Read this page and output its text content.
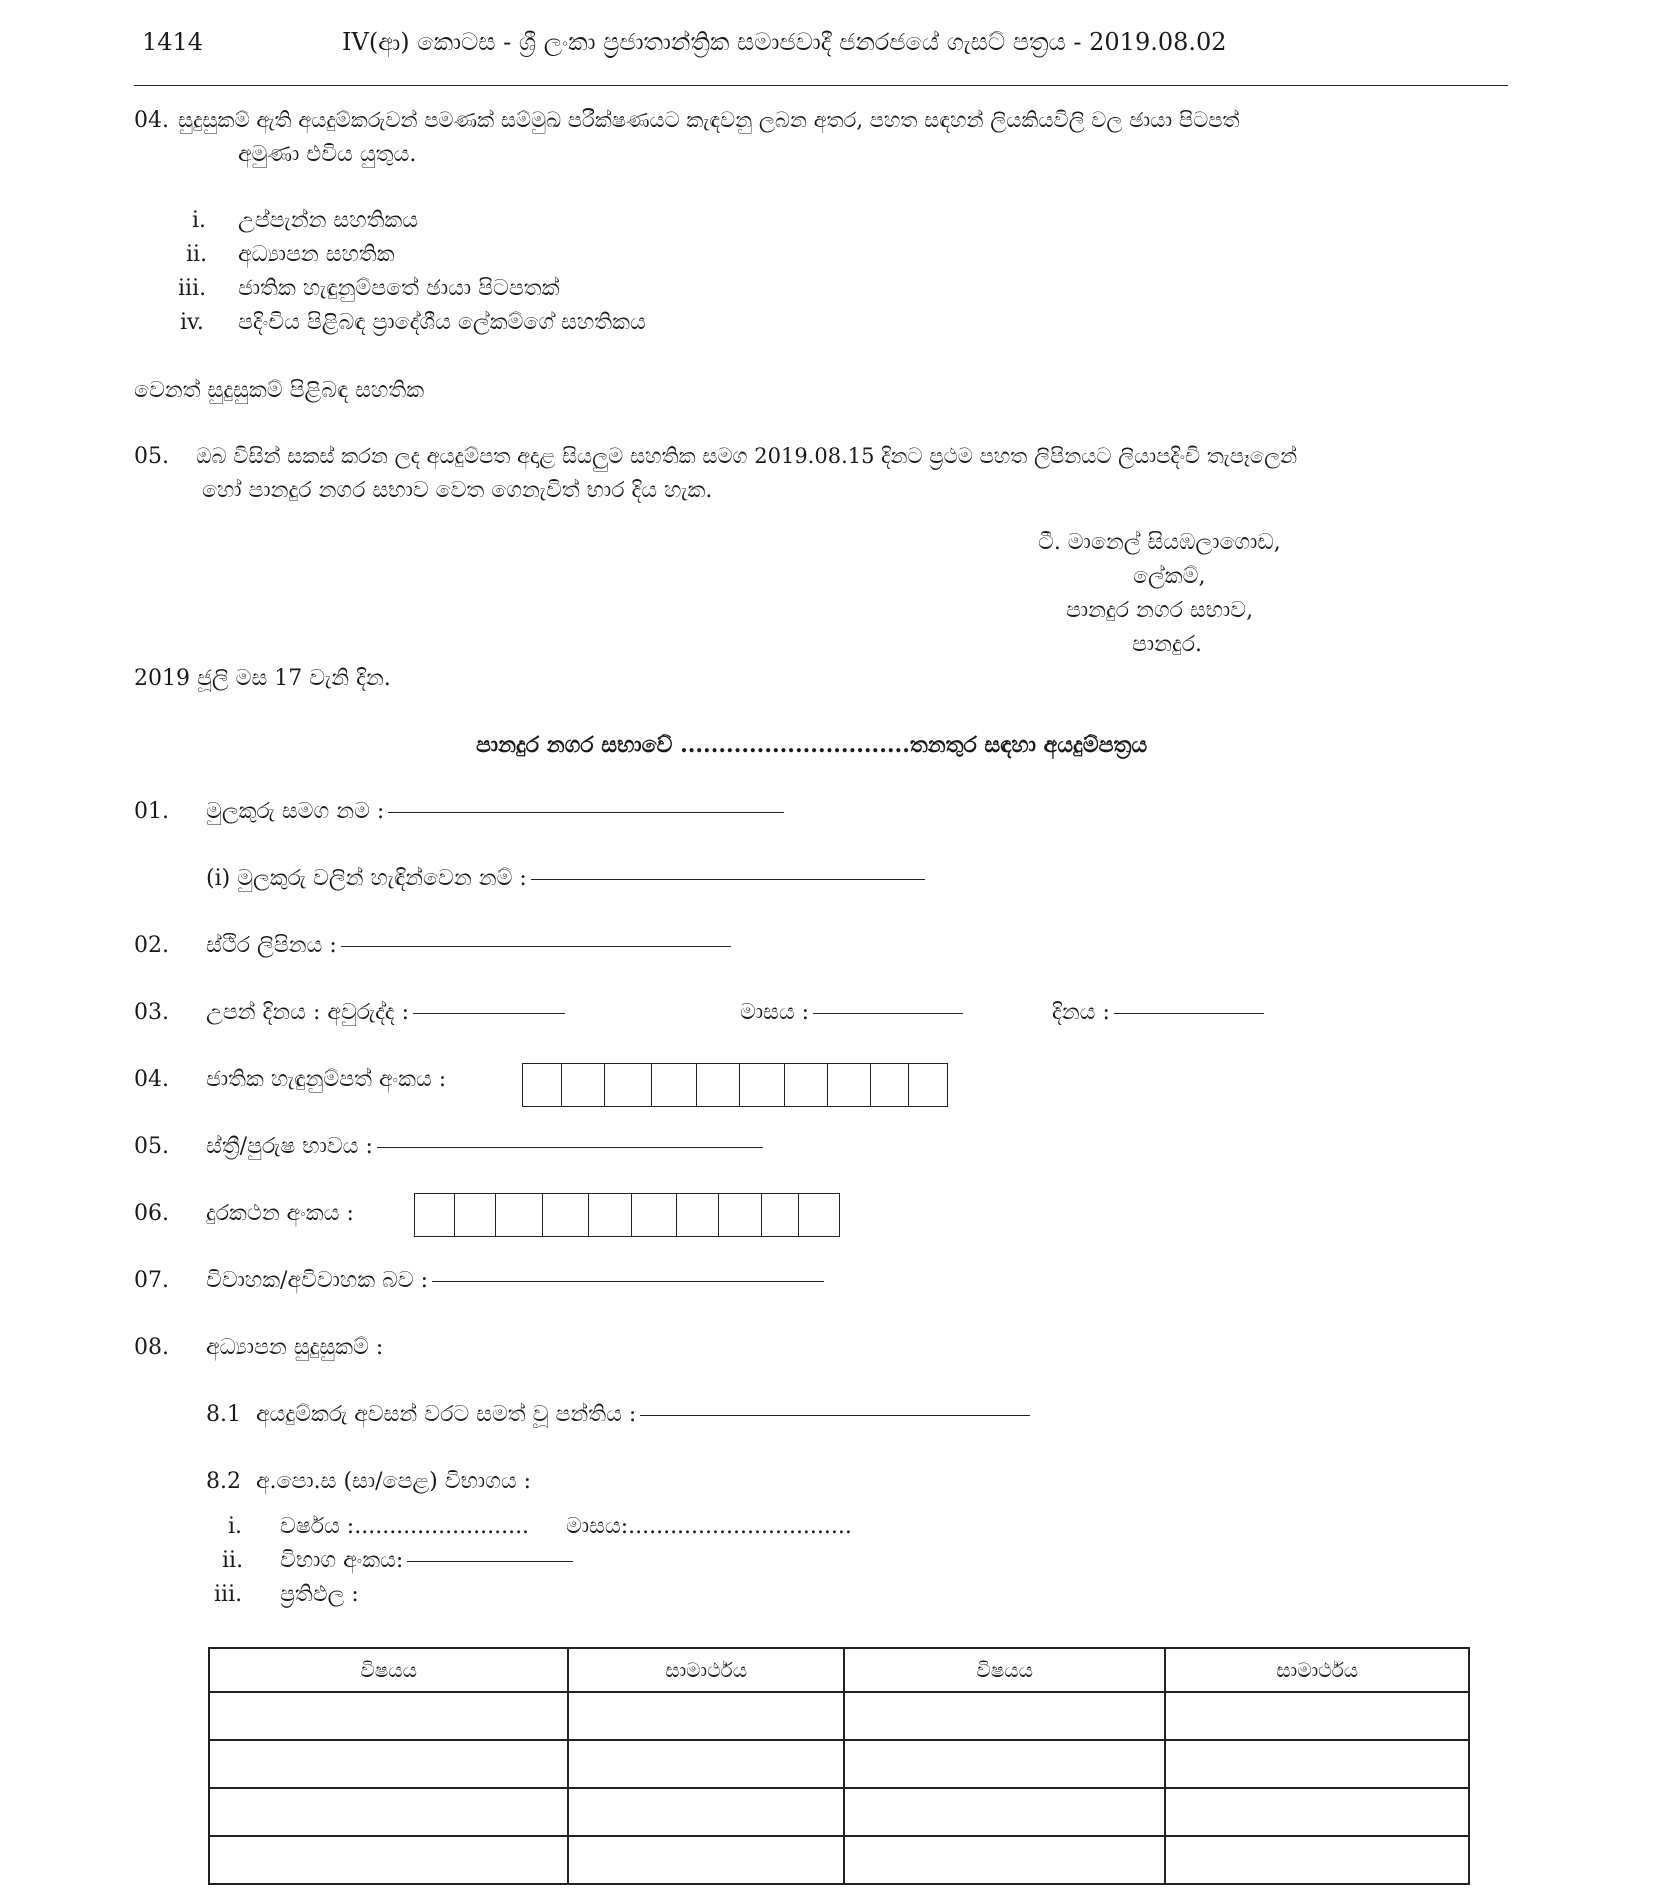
1414	IV(ආ) කොටස - ශ්‍රී ලංකා ප්‍රජාතාන්ත්‍රික සමාජවාදී ජනරජයේ ගැසට් පත්‍රය - 2019.08.02
04. සුදුසුකම් ඇති අයදුම්කරුවන් පමණක් සම්මුඛ පරීක්ෂණයට කැඳවනු ලබන අතර, පහත සඳහන් ලියකියවිලි වල ඡායා පිටපත්
අමුණා එවිය යුතුය.
i. උප්පැන්න සහතිකය
ii. අධ්‍යාපන සහතික
iii. ජාතික හැඳුනුම්පතේ ඡායා පිටපතක්
iv. පදිංචිය පිළිබඳ ප්‍රාදේශීය ලේකම්ගේ සහතිකය
වෙනත් සුදුසුකම් පිළිබඳ සහතික
05. ඔබ විසින් සකස් කරන ලද අයදුම්පත අදාළ සියලුම සහතික සමග 2019.08.15 දිනට ප්‍රථම පහත ලිපිනයට ලියාපදිංචි තැපෑලෙන්
හෝ පානදුර නගර සභාව වෙත ගෙනැවිත් භාර දිය හැක.
ටී. මානෙල් සියඹලාගොඩ,
ලේකම්,
පානදුර නගර සභාව,
පානදුර.
2019 ජූලි මස 17 වැනි දින.
පානදුර නගර සභාවේ ..............................තනතුර සඳහා අයදුම්පත්‍රය
01. මුලකුරු සමග නම :
(i) මුලකුරු වලින් හැඳින්වෙන නම් :
02. ස්ථිර ලිපිනය :
03. උපන් දිනය : අවුරුද්ද :	මාසය :	දිනය :
04. ජාතික හැඳුනුම්පත් අංකය :
05. ස්ත්‍රී/පුරුෂ භාවය :
06. දුරකථන අංකය :
07. විවාහක/අවිවාහක බව :
08. අධ්‍යාපන සුදුසුකම් :
8.1 අයදුම්කරු අවසන් වරට සමත් වූ පන්තිය :
8.2 අ.පො.ස (සා/පෙළ) විභාගය :
i. වර්ෂය :......................... මාසය:................................
ii. විභාග අංකය:
iii. ප්‍රතිඵල :
විෂයය	සාමාර්ථය	විෂයය	සාමාර්ථය
